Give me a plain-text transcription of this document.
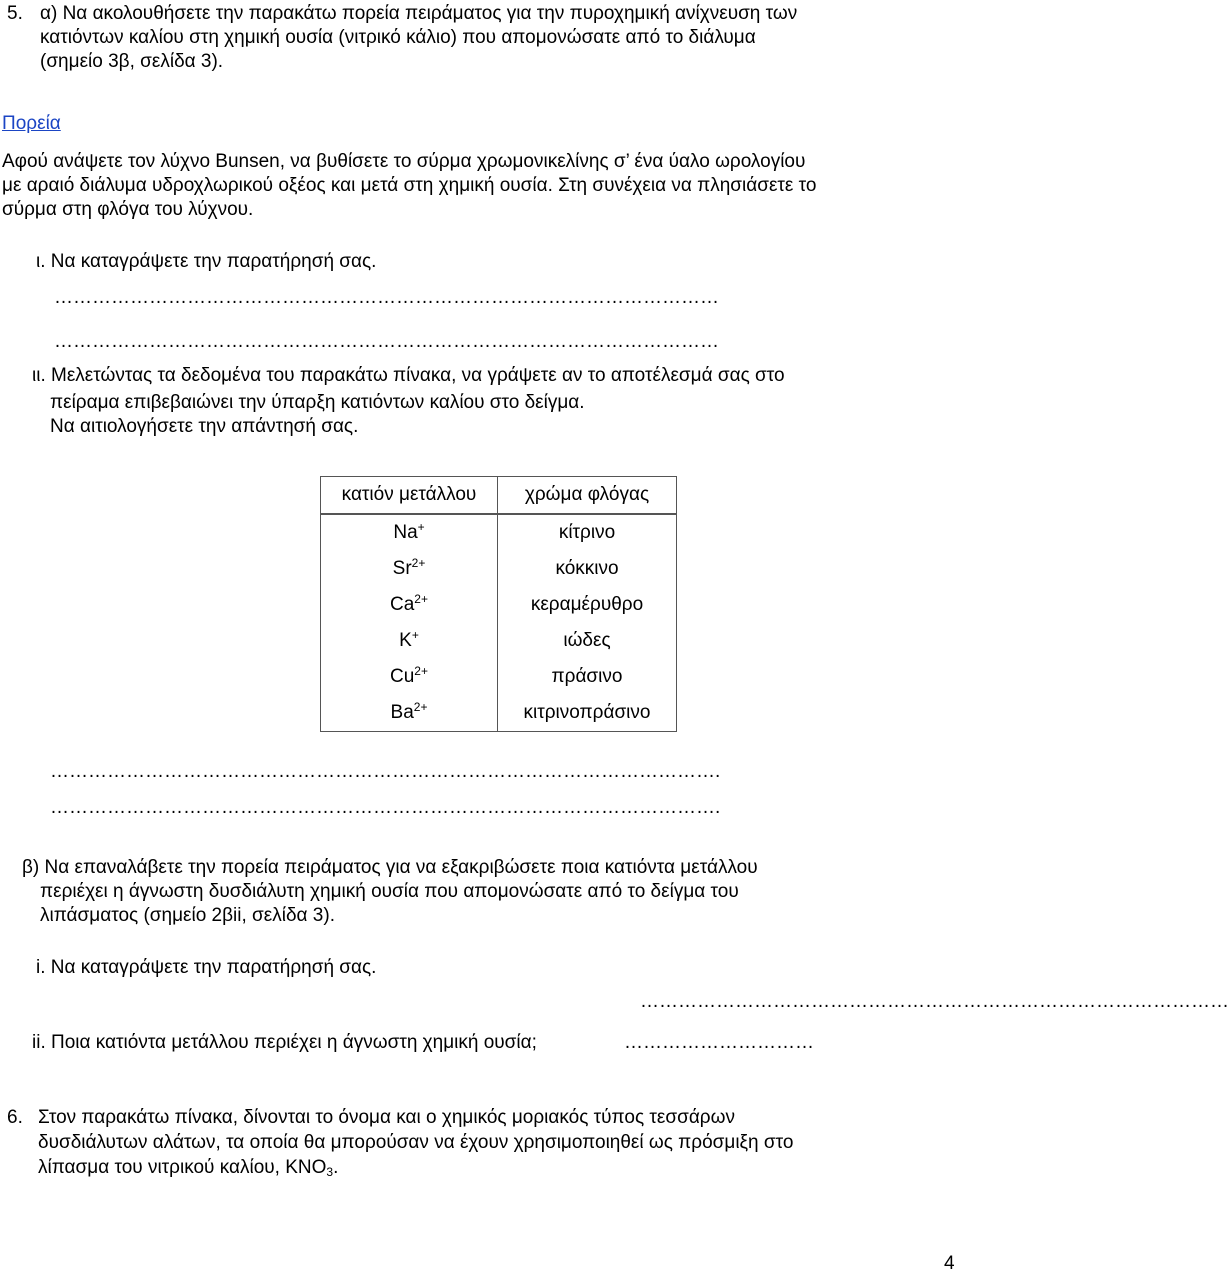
5. α) Να ακολουθήσετε την παρακάτω πορεία πειράματος για την πυροχημική ανίχνευση των
κατιόντων καλίου στη χημική ουσία (νιτρικό κάλιο) που απομονώσατε από το διάλυμα
(σημείο 3β, σελίδα 3).
Πορεία
Αφού ανάψετε τον λύχνο Bunsen, να βυθίσετε το σύρμα χρωμονικελίνης σ’ ένα ύαλο ωρολογίου
με αραιό διάλυμα υδροχλωρικού οξέος και μετά στη χημική ουσία. Στη συνέχεια να πλησιάσετε το
σύρμα στη φλόγα του λύχνου.
ι. Να καταγράψετε την παρατήρησή σας.
……………………………………………………………………………………………
……………………………………………………………………………………………
ιι. Μελετώντας τα δεδομένα του παρακάτω πίνακα, να γράψετε αν το αποτέλεσμά σας στο
πείραμα επιβεβαιώνει την ύπαρξη κατιόντων καλίου στο δείγμα.
Να αιτιολογήσετε την απάντησή σας.
κατιόν μετάλλου	χρώμα φλόγας
Na+	κίτρινο
$Sr^{2+}$	κόκκινο
$Ca^{2+}$	κεραμέρυθρο
K+	ιώδες
$Cu^{2+}$	πράσινο
$Ba^{2+}$	κιτρινοπράσινο
…………………………………………………………………………………………….
…………………………………………………………………………………………….
β) Να επαναλάβετε την πορεία πειράματος για να εξακριβώσετε ποια κατιόντα μετάλλου
περιέχει η άγνωστη δυσδιάλυτη χημική ουσία που απομονώσατε από το δείγμα του
λιπάσματος (σημείο 2βii, σελίδα 3).
i. Να καταγράψετε την παρατήρησή σας.
…………………………………………………………………………………
ii. Ποια κατιόντα μετάλλου περιέχει η άγνωστη χημική ουσία;	…………………………
6. Στον παρακάτω πίνακα, δίνονται το όνομα και ο χημικός μοριακός τύπος τεσσάρων
δυσδιάλυτων αλάτων, τα οποία θα μπορούσαν να έχουν χρησιμοποιηθεί ως πρόσμιξη στο
λίπασμα του νιτρικού καλίου, $KNO_3$.
4
